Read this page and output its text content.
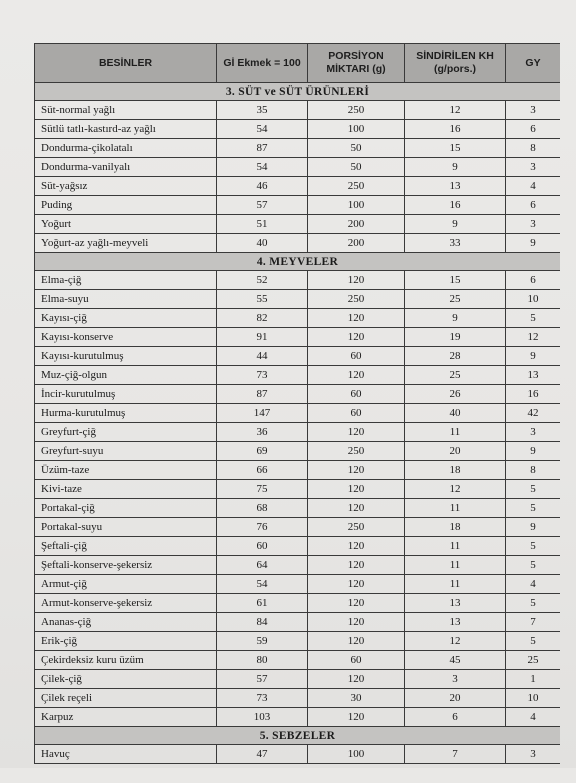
BESİNLER	Gİ Ekmek = 100	PORSİYON MİKTARI (g)	SİNDİRİLEN KH (g/pors.)	GY
3. SÜT ve SÜT ÜRÜNLERİ				
Süt-normal yağlı	35	250	12	3
Sütlü tatlı-kastırd-az yağlı	54	100	16	6
Dondurma-çikolatalı	87	50	15	8
Dondurma-vanilyalı	54	50	9	3
Süt-yağsız	46	250	13	4
Puding	57	100	16	6
Yoğurt	51	200	9	3
Yoğurt-az yağlı-meyveli	40	200	33	9
4. MEYVELER				
Elma-çiğ	52	120	15	6
Elma-suyu	55	250	25	10
Kayısı-çiğ	82	120	9	5
Kayısı-konserve	91	120	19	12
Kayısı-kurutulmuş	44	60	28	9
Muz-çiğ-olgun	73	120	25	13
İncir-kurutulmuş	87	60	26	16
Hurma-kurutulmuş	147	60	40	42
Greyfurt-çiğ	36	120	11	3
Greyfurt-suyu	69	250	20	9
Üzüm-taze	66	120	18	8
Kivi-taze	75	120	12	5
Portakal-çiğ	68	120	11	5
Portakal-suyu	76	250	18	9
Şeftali-çiğ	60	120	11	5
Şeftali-konserve-şekersiz	64	120	11	5
Armut-çiğ	54	120	11	4
Armut-konserve-şekersiz	61	120	13	5
Ananas-çiğ	84	120	13	7
Erik-çiğ	59	120	12	5
Çekirdeksiz kuru üzüm	80	60	45	25
Çilek-çiğ	57	120	3	1
Çilek reçeli	73	30	20	10
Karpuz	103	120	6	4
5. SEBZELER				
Havuç	47	100	7	3
